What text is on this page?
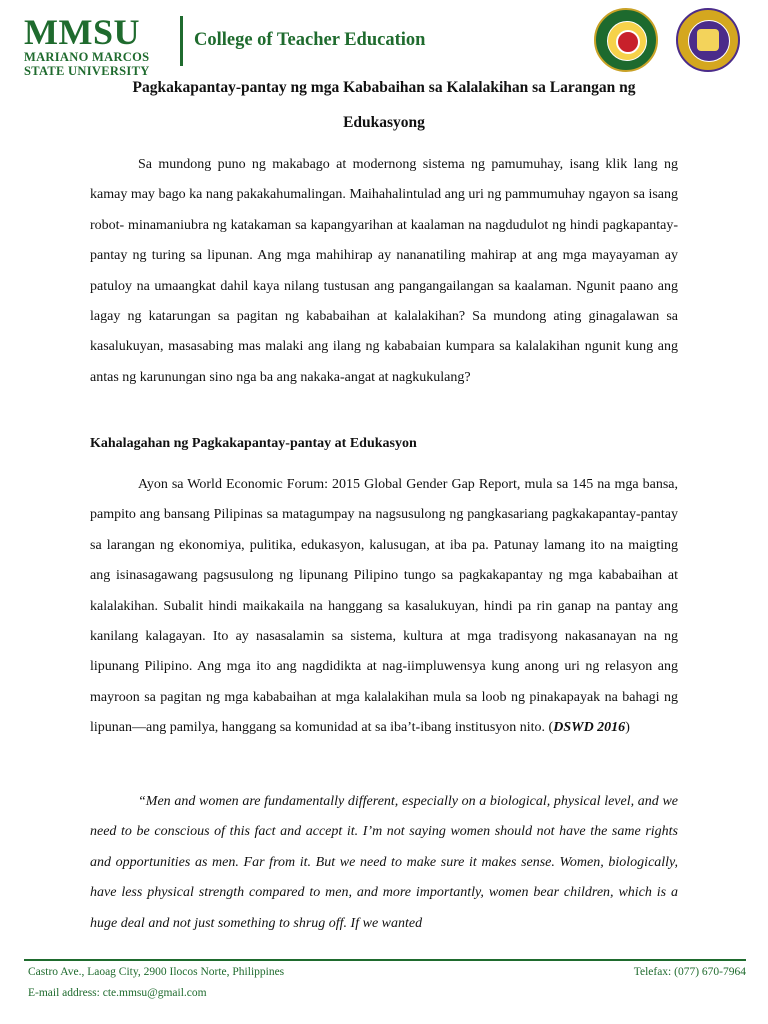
MMSU
MARIANO MARCOS
STATE UNIVERSITY
College of Teacher Education
Pagkakapantay-pantay ng mga Kababaihan sa Kalalakihan sa Larangan ng
Edukasyong
Sa mundong puno ng makabago at modernong sistema ng pamumuhay, isang klik lang ng kamay may bago ka nang pakakahumalingan. Maihahalintulad ang uri ng pammumuhay ngayon sa isang robot- minamaniubra ng katakaman sa kapangyarihan at kaalaman na nagdudulot ng hindi pagkapantay-pantay ng turing sa lipunan. Ang mga mahihirap ay nananatiling mahirap at ang mga mayayaman ay patuloy na umaangkat dahil kaya nilang tustusan ang pangangailangan sa kaalaman. Ngunit paano ang lagay ng katarungan sa pagitan ng kababaihan at kalalakihan? Sa mundong ating ginagalawan sa kasalukuyan, masasabing mas malaki ang ilang ng kababaian kumpara sa kalalakihan ngunit kung ang antas ng karunungan sino nga ba ang nakaka-angat at nagkukulang?
Kahalagahan ng Pagkakapantay-pantay at Edukasyon
Ayon sa World Economic Forum: 2015 Global Gender Gap Report, mula sa 145 na mga bansa, pampito ang bansang Pilipinas sa matagumpay na nagsusulong ng pangkasariang pagkakapantay-pantay sa larangan ng ekonomiya, pulitika, edukasyon, kalusugan, at iba pa. Patunay lamang ito na maigting ang isinasagawang pagsusulong ng lipunang Pilipino tungo sa pagkakapantay ng mga kababaihan at kalalakihan. Subalit hindi maikakaila na hanggang sa kasalukuyan, hindi pa rin ganap na pantay ang kanilang kalagayan. Ito ay nasasalamin sa sistema, kultura at mga tradisyong nakasanayan na ng lipunang Pilipino. Ang mga ito ang nagdidikta at nag-iimpluwensya kung anong uri ng relasyon ang mayroon sa pagitan ng mga kababaihan at mga kalalakihan mula sa loob ng pinakapayak na bahagi ng lipunan—ang pamilya, hanggang sa komunidad at sa iba’t-ibang institusyon nito. (DSWD 2016)
“Men and women are fundamentally different, especially on a biological, physical level, and we need to be conscious of this fact and accept it. I’m not saying women should not have the same rights and opportunities as men. Far from it. But we need to make sure it makes sense. Women, biologically, have less physical strength compared to men, and more importantly, women bear children, which is a huge deal and not just something to shrug off. If we wanted
Castro Ave., Laoag City, 2900 Ilocos Norte, Philippines
E-mail address: cte.mmsu@gmail.com
Telefax: (077) 670-7964
